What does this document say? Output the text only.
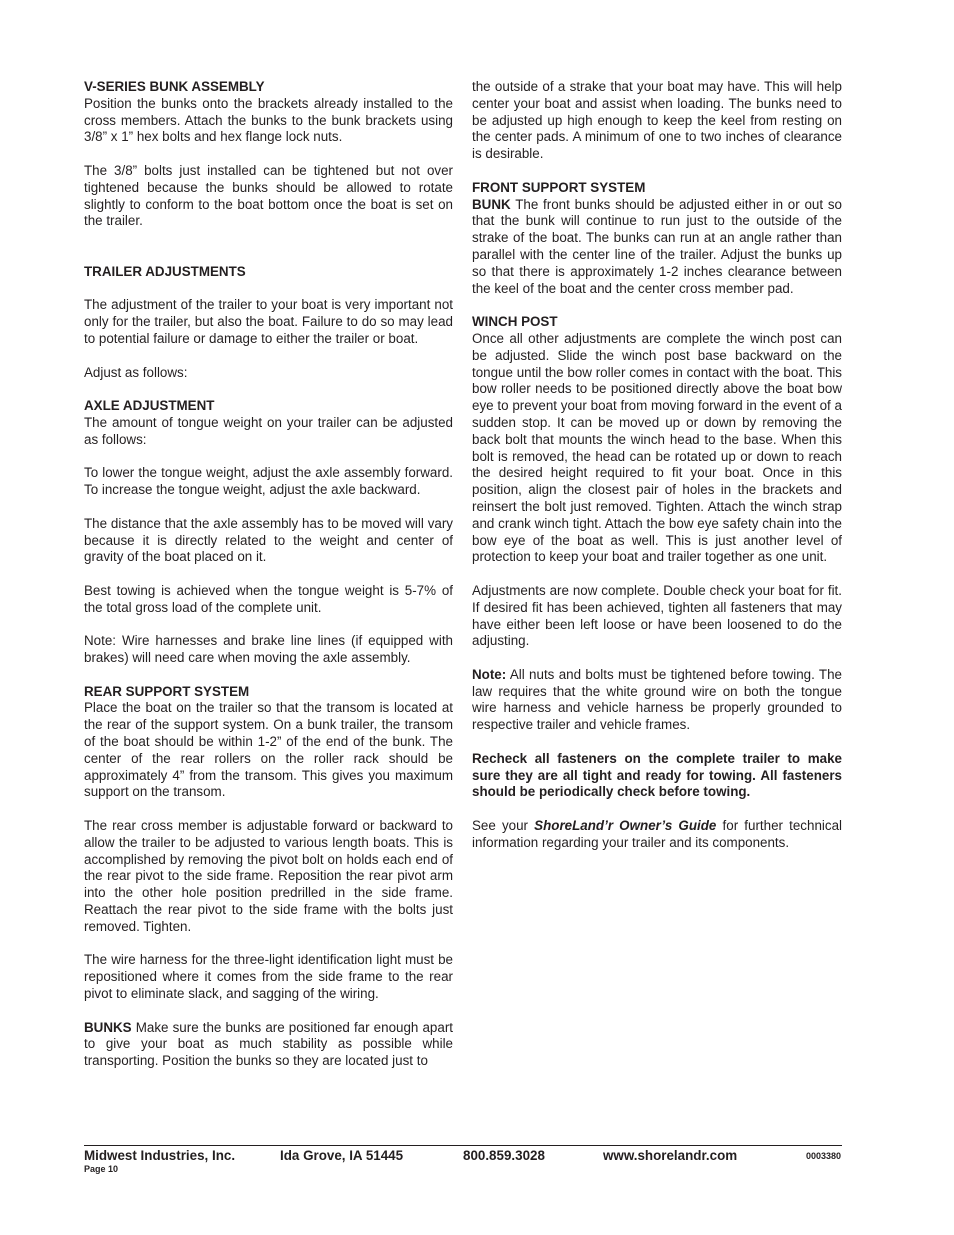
V-SERIES BUNK ASSEMBLY

Position the bunks onto the brackets already installed to the cross members. Attach the bunks to the bunk brackets using 3/8” x 1” hex bolts and hex flange lock nuts.

The 3/8” bolts just installed can be tightened but not over tightened because the bunks should be allowed to rotate slightly to conform to the boat bottom once the boat is set on the trailer.

TRAILER ADJUSTMENTS

The adjustment of the trailer to your boat is very important not only for the trailer, but also the boat. Failure to do so may lead to potential failure or damage to either the trailer or boat.

Adjust as follows:

AXLE ADJUSTMENT

The amount of tongue weight on your trailer can be adjusted as follows:

To lower the tongue weight, adjust the axle assembly forward. To increase the tongue weight, adjust the axle backward.

The distance that the axle assembly has to be moved will vary because it is directly related to the weight and center of gravity of the boat placed on it.

Best towing is achieved when the tongue weight is 5-7% of the total gross load of the complete unit.

Note: Wire harnesses and brake line lines (if equipped with brakes) will need care when moving the axle assembly.

REAR SUPPORT SYSTEM

Place the boat on the trailer so that the transom is located at the rear of the support system. On a bunk trailer, the transom of the boat should be within 1-2” of the end of the bunk. The center of the rear rollers on the roller rack should be approximately 4” from the transom. This gives you maximum support on the transom.

The rear cross member is adjustable forward or backward to allow the trailer to be adjusted to various length boats. This is accomplished by removing the pivot bolt on holds each end of the rear pivot to the side frame. Reposition the rear pivot arm into the other hole position predrilled in the side frame. Reattach the rear pivot to the side frame with the bolts just removed. Tighten.

The wire harness for the three-light identification light must be repositioned where it comes from the side frame to the rear pivot to eliminate slack, and sagging of the wiring.

BUNKS Make sure the bunks are positioned far enough apart to give your boat as much stability as possible while transporting. Position the bunks so they are located just to

the outside of a strake that your boat may have. This will help center your boat and assist when loading. The bunks need to be adjusted up high enough to keep the keel from resting on the center pads. A minimum of one to two inches of clearance is desirable.

FRONT SUPPORT SYSTEM

BUNK The front bunks should be adjusted either in or out so that the bunk will continue to run just to the outside of the strake of the boat. The bunks can run at an angle rather than parallel with the center line of the trailer. Adjust the bunks up so that there is approximately 1-2 inches clearance between the keel of the boat and the center cross member pad.

WINCH POST

Once all other adjustments are complete the winch post can be adjusted. Slide the winch post base backward on the tongue until the bow roller comes in contact with the boat. This bow roller needs to be positioned directly above the boat bow eye to prevent your boat from moving forward in the event of a sudden stop. It can be moved up or down by removing the back bolt that mounts the winch head to the base. When this bolt is removed, the head can be rotated up or down to reach the desired height required to fit your boat. Once in this position, align the closest pair of holes in the brackets and reinsert the bolt just removed. Tighten. Attach the winch strap and crank winch tight. Attach the bow eye safety chain into the bow eye of the boat as well. This is just another level of protection to keep your boat and trailer together as one unit.

Adjustments are now complete. Double check your boat for fit. If desired fit has been achieved, tighten all fasteners that may have either been left loose or have been loosened to do the adjusting.

Note: All nuts and bolts must be tightened before towing. The law requires that the white ground wire on both the tongue wire harness and vehicle harness be properly grounded to respective trailer and vehicle frames.

Recheck all fasteners on the complete trailer to make sure they are all tight and ready for towing. All fasteners should be periodically check before towing.

See your ShoreLand’r Owner’s Guide for further technical information regarding your trailer and its components.

Midwest Industries, Inc.	Ida Grove, IA 51445	800.859.3028	www.shorelandr.com	0003380
Page 10
